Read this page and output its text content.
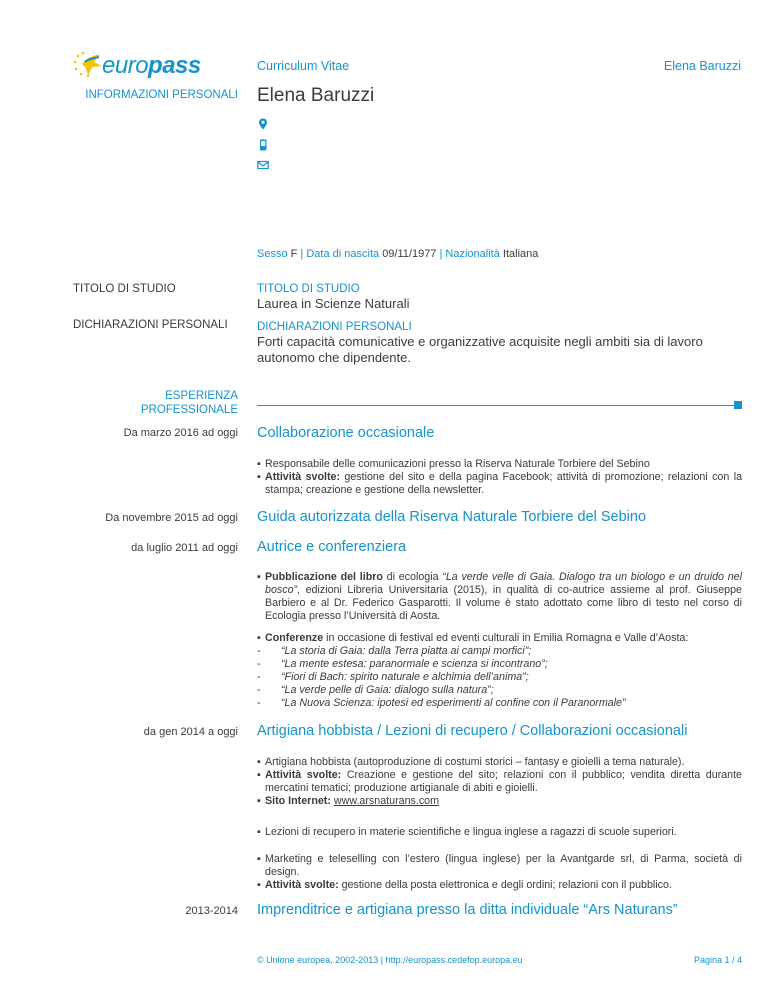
europass	Curriculum Vitae	Elena Baruzzi
INFORMAZIONI PERSONALI Elena Baruzzi
Sesso F | Data di nascita 09/11/1977 | Nazionalità Italiana
TITOLO DI STUDIO	TITOLO DI STUDIO
Laurea in Scienze Naturali
DICHIARAZIONI PERSONALI	DICHIARAZIONI PERSONALI
Forti capacità comunicative e organizzative acquisite negli ambiti sia di lavoro
autonomo che dipendente.
ESPERIENZA
PROFESSIONALE
Da marzo 2016 ad oggi Collaborazione occasionale

▪ Responsabile delle comunicazioni presso la Riserva Naturale Torbiere del Sebino

▪ Attività svolte: gestione del sito e della pagina Facebook; attività di promozione; relazioni con la stampa; creazione e gestione della newsletter.

Da novembre 2015 ad oggi Guida autorizzata della Riserva Naturale Torbiere del Sebino
da luglio 2011 ad oggi Autrice e conferenziera

▪ Pubblicazione del libro di ecologia “La verde velle di Gaia. Dialogo tra un biologo e un druido nel bosco”, edizioni Libreria Universitaria (2015), in qualità di co-autrice assieme al prof. Giuseppe Barbiero e al Dr. Federico Gasparotti. Il volume è stato adottato come libro di testo nel corso di Ecologia presso l’Università di Aosta.

▪ Conferenze in occasione di festival ed eventi culturali in Emilia Romagna e Valle d’Aosta:

- “La storia di Gaia: dalla Terra piatta ai campi morfici”;
- “La mente estesa: paranormale e scienza si incontrano”;
- “Fiori di Bach: spirito naturale e alchimia dell’anima”;
- “La verde pelle di Gaia: dialogo sulla natura”;
- “La Nuova Scienza: ipotesi ed esperimenti al confine con il Paranormale”
da gen 2014 a oggi Artigiana hobbista / Lezioni di recupero / Collaborazioni occasionali

▪ Artigiana hobbista (autoproduzione di costumi storici – fantasy e gioielli a tema naturale).

▪ Attività svolte: Creazione e gestione del sito; relazioni con il pubblico; vendita diretta durante mercatini tematici; produzione artigianale di abiti e gioielli.

▪ Sito Internet: www.arsnaturans.com

▪ Lezioni di recupero in materie scientifiche e lingua inglese a ragazzi di scuole superiori.

▪ Marketing e teleselling con l’estero (lingua inglese) per la Avantgarde srl, di Parma, società di design.

▪ Attività svolte: gestione della posta elettronica e degli ordini; relazioni con il pubblico.

2013-2014 Imprenditrice e artigiana presso la ditta individuale “Ars Naturans”
© Unione europea, 2002-2013 | http://europass.cedefop.europa.eu	Pagina 1 / 4
